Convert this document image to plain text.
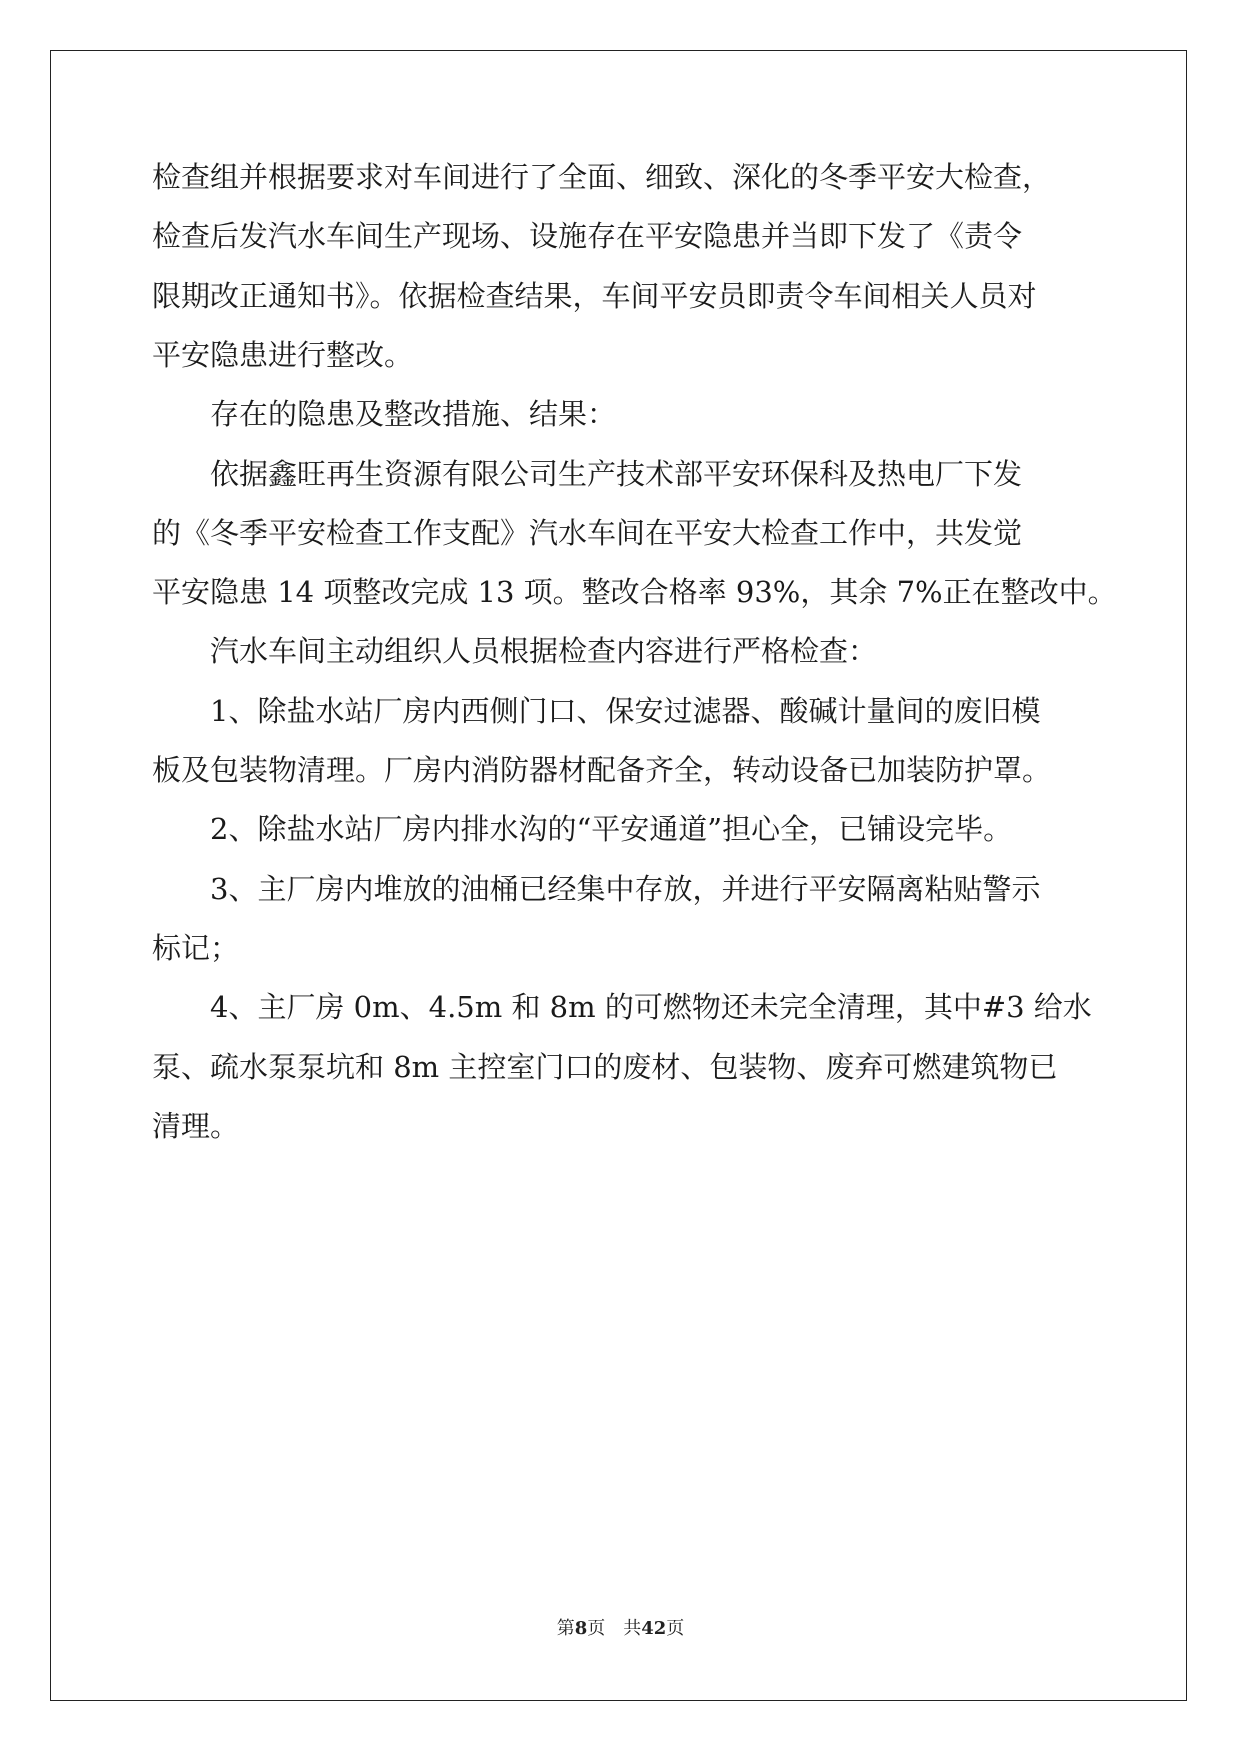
检查组并根据要求对车间进行了全面、细致、深化的冬季平安大检查，
检查后发汽水车间生产现场、设施存在平安隐患并当即下发了《责令
限期改正通知书》。依据检查结果，车间平安员即责令车间相关人员对
平安隐患进行整改。
存在的隐患及整改措施、结果：
依据鑫旺再生资源有限公司生产技术部平安环保科及热电厂下发
的《冬季平安检查工作支配》汽水车间在平安大检查工作中，共发觉
平安隐患 14 项整改完成 13 项。整改合格率 93%，其余 7%正在整改中。
汽水车间主动组织人员根据检查内容进行严格检查：
1、除盐水站厂房内西侧门口、保安过滤器、酸碱计量间的废旧模
板及包装物清理。厂房内消防器材配备齐全，转动设备已加装防护罩。
2、除盐水站厂房内排水沟的“平安通道”担心全，已铺设完毕。
3、主厂房内堆放的油桶已经集中存放，并进行平安隔离粘贴警示
标记；
4、主厂房 0m、4.5m 和 8m 的可燃物还未完全清理，其中#3 给水
泵、疏水泵泵坑和 8m 主控室门口的废材、包装物、废弃可燃建筑物已
清理。
第8页 共42页
